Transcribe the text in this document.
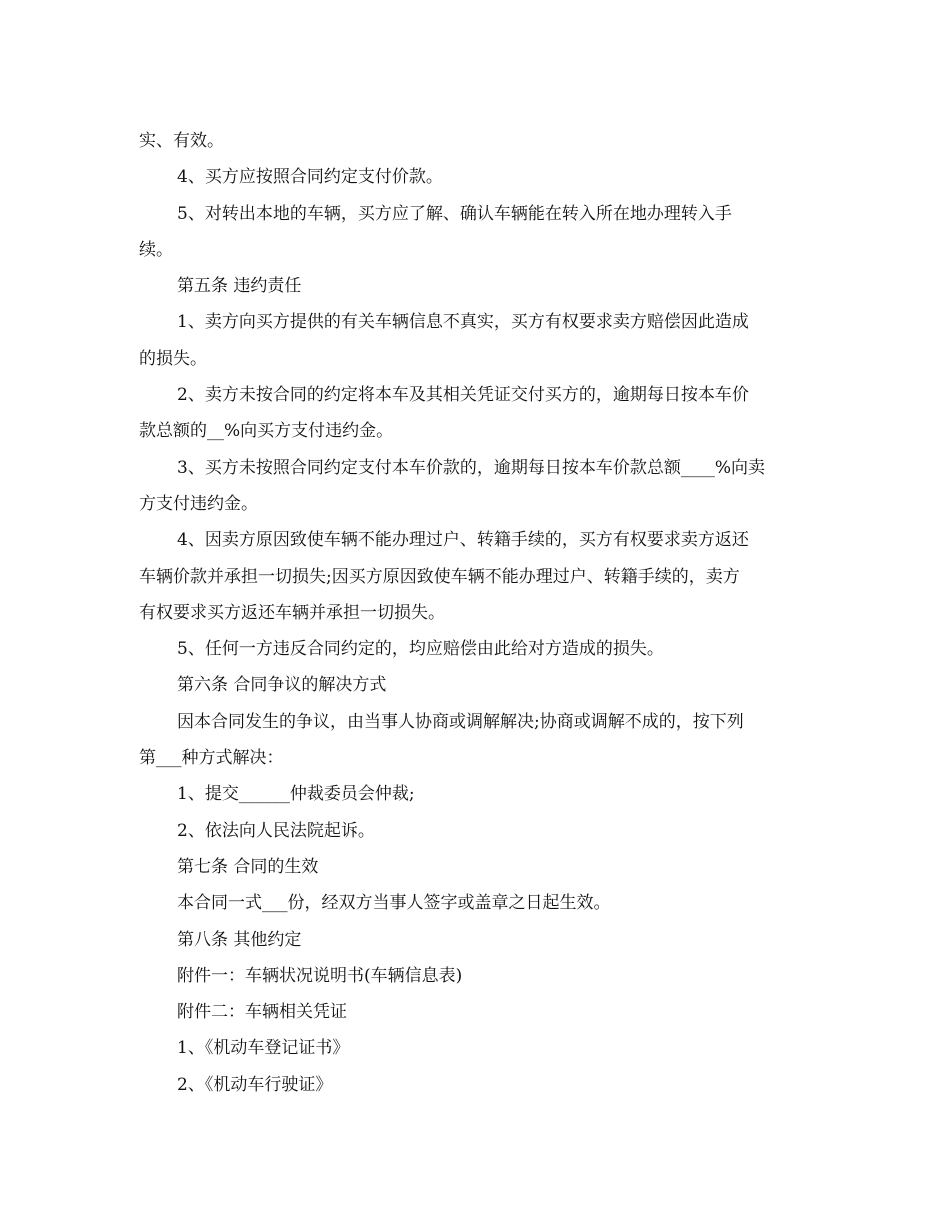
实、有效。
4、买方应按照合同约定支付价款。
5、对转出本地的车辆，买方应了解、确认车辆能在转入所在地办理转入手
续。
第五条 违约责任
1、卖方向买方提供的有关车辆信息不真实，买方有权要求卖方赔偿因此造成
的损失。
2、卖方未按合同的约定将本车及其相关凭证交付买方的，逾期每日按本车价
款总额的__%向买方支付违约金。
3、买方未按照合同约定支付本车价款的，逾期每日按本车价款总额____%向卖
方支付违约金。
4、因卖方原因致使车辆不能办理过户、转籍手续的，买方有权要求卖方返还
车辆价款并承担一切损失;因买方原因致使车辆不能办理过户、转籍手续的，卖方
有权要求买方返还车辆并承担一切损失。
5、任何一方违反合同约定的，均应赔偿由此给对方造成的损失。
第六条 合同争议的解决方式
因本合同发生的争议，由当事人协商或调解解决;协商或调解不成的，按下列
第___种方式解决：
1、提交______仲裁委员会仲裁;
2、依法向人民法院起诉。
第七条 合同的生效
本合同一式___份，经双方当事人签字或盖章之日起生效。
第八条 其他约定
附件一：车辆状况说明书(车辆信息表)
附件二：车辆相关凭证
1、《机动车登记证书》
2、《机动车行驶证》
